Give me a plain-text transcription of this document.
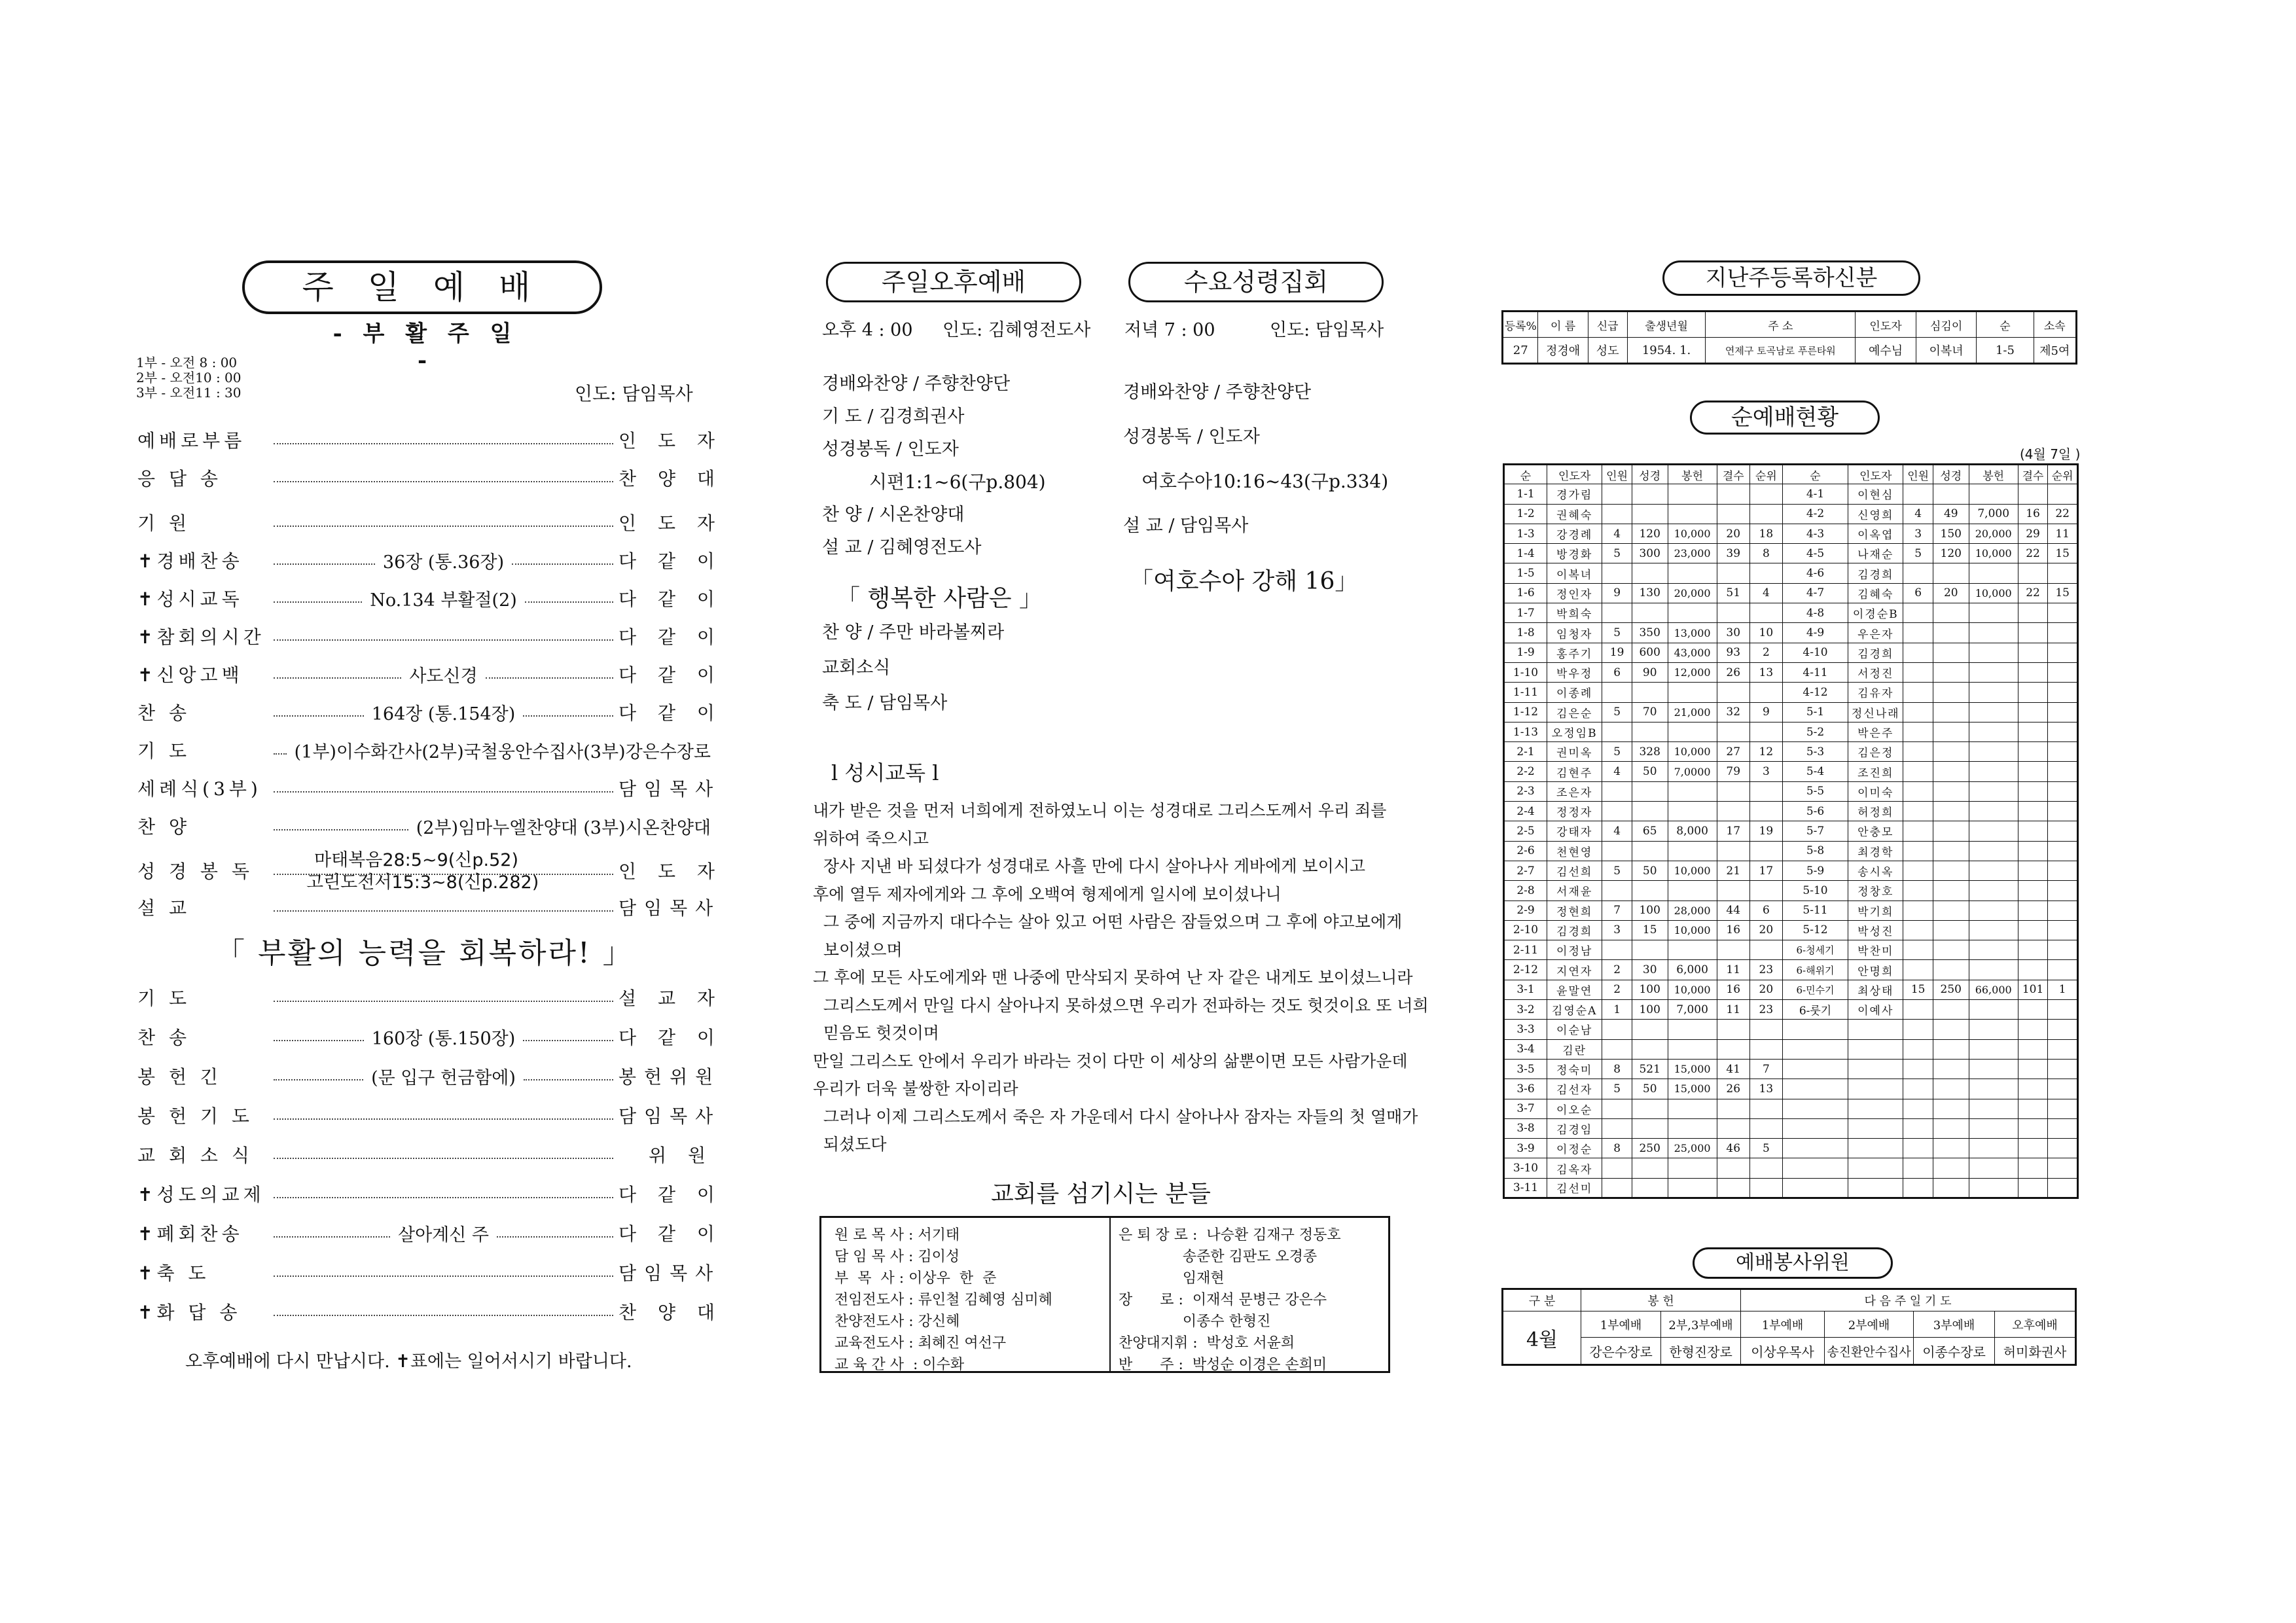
주 일 예 배
- 부 활 주 일 -
1부 - 오전 8 : 00
2부 - 오전10 : 00
3부 - 오전11 : 30	인도: 담임목사
예배로부름	인 도 자
응 답 송	찬 양 대
기 원	인 도 자
✝경배찬송	36장 (통.36장)	다 같 이
✝성시교독	No.134 부활절(2)	다 같 이
✝참회의시간	다 같 이
✝신앙고백	사도신경	다 같 이
찬 송	164장 (통.154장)	다 같 이
기 도	(1부)이수화간사(2부)국철웅안수집사(3부)강은수장로
세례식(3부)	담임목사
찬 양	(2부)임마누엘찬양대 (3부)시온찬양대
성 경 봉 독	인 도 자
설 교	담임목사
마태복음28:5~9(신p.52)
고린도전서15:3~8(신p.282)
「 부활의 능력을 회복하라! 」
기 도	설 교 자
찬 송	160장 (통.150장)	다 같 이
봉 헌 긴	(문 입구 헌금함에)	봉헌위원
봉 헌 기 도	담임목사
교 회 소 식	위 원
✝성도의교제	다 같 이
✝폐회찬송	살아계신 주	다 같 이
✝축 도	담임목사
✝화 답 송	찬 양 대
오후예배에 다시 만납시다. ✝표에는 일어서시기 바랍니다.
주일오후예배	수요성령집회
오후 4 : 00 인도: 김혜영전도사 저녁 7 : 00	인도: 담임목사
경배와찬양 / 주향찬양단
기 도 / 김경희권사
성경봉독 / 인도자
시편1:1~6(구p.804)
찬 양 / 시온찬양대
설 교 / 김혜영전도사
「 행복한 사람은 」
찬 양 / 주만 바라볼찌라
교회소식
축 도 / 담임목사
경배와찬양 / 주향찬양단
성경봉독 / 인도자
여호수아10:16~43(구p.334)
설 교 / 담임목사
「여호수아 강해 16」
l 성시교독 l
내가 받은 것을 먼저 너희에게 전하였노니 이는 성경대로 그리스도께서 우리 죄를
위하여 죽으시고
장사 지낸 바 되셨다가 성경대로 사흘 만에 다시 살아나사 게바에게 보이시고
후에 열두 제자에게와 그 후에 오백여 형제에게 일시에 보이셨나니
그 중에 지금까지 대다수는 살아 있고 어떤 사람은 잠들었으며 그 후에 야고보에게
보이셨으며
그 후에 모든 사도에게와 맨 나중에 만삭되지 못하여 난 자 같은 내게도 보이셨느니라
그리스도께서 만일 다시 살아나지 못하셨으면 우리가 전파하는 것도 헛것이요 또 너희
믿음도 헛것이며
만일 그리스도 안에서 우리가 바라는 것이 다만 이 세상의 삶뿐이면 모든 사람가운데
우리가 더욱 불쌍한 자이리라
그러나 이제 그리스도께서 죽은 자 가운데서 다시 살아나사 잠자는 자들의 첫 열매가
되셨도다
교회를 섬기시는 분들
원 로 목 사 : 서기태
담 임 목 사 : 김이성
부  목  사 : 이상우  한  준
전임전도사 : 류인철 김혜영 심미혜
찬양전도사 : 강신혜
교육전도사 : 최혜진 여선구
교 육 간 사  : 이수화
은 퇴 장 로 :  나승환 김재구 정동호
송준한 김판도 오경종
임재현
장      로 :  이재석 문병근 강은수
이종수 한형진
찬양대지휘 :  박성호 서윤희
반      주 :  박성순 이경은 손희미
지난주등록하신분
등록%	이 름	신급	출생년월	주 소	인도자	심김이	순	소속
27	정경애	성도	1954. 1.	연제구 토곡남로 푸른타워	예수님	이복녀	1-5	제5여
순예배현황
(4월 7일 )
순	인도자	인원	성경	봉헌	결수	순위	순	인도자	인원	성경	봉헌	결수	순위
1-1	경가림						4-1	이현심					
1-2	권혜숙						4-2	신영희	4	49	7,000	16	22
1-3	강경례	4	120	10,000	20	18	4-3	이옥엽	3	150	20,000	29	11
1-4	방경화	5	300	23,000	39	8	4-5	나재순	5	120	10,000	22	15
1-5	이복녀						4-6	김경희					
1-6	정인자	9	130	20,000	51	4	4-7	김혜숙	6	20	10,000	22	15
1-7	박희숙						4-8	이경순B					
1-8	임청자	5	350	13,000	30	10	4-9	우은자					
1-9	홍주기	19	600	43,000	93	2	4-10	김경희					
1-10	박우정	6	90	12,000	26	13	4-11	서정진					
1-11	이종례						4-12	김유자					
1-12	김은순	5	70	21,000	32	9	5-1	정신나래					
1-13	오정임B						5-2	박은주					
2-1	권미옥	5	328	10,000	27	12	5-3	김은정					
2-2	김현주	4	50	7,0000	79	3	5-4	조진희					
2-3	조은자						5-5	이미숙					
2-4	정정자						5-6	허정희					
2-5	강태자	4	65	8,000	17	19	5-7	안충모					
2-6	천현영						5-8	최경학					
2-7	김선희	5	50	10,000	21	17	5-9	송시옥					
2-8	서재윤						5-10	정창호					
2-9	정현희	7	100	28,000	44	6	5-11	박기희					
2-10	김경희	3	15	10,000	16	20	5-12	박성진					
2-11	이정남						6-청세기	박찬미					
2-12	지연자	2	30	6,000	11	23	6-해위기	안명희					
3-1	윤말연	2	100	10,000	16	20	6-민수기	최상태	15	250	66,000	101	1
3-2	김영순A	1	100	7,000	11	23	6-룻기	이예사					
3-3	이순남												
3-4	김란												
3-5	정숙미	8	521	15,000	41	7							
3-6	김선자	5	50	15,000	26	13							
3-7	이오순												
3-8	김경임												
3-9	이정순	8	250	25,000	46	5							
3-10	김옥자												
3-11	김선미												
예배봉사위원
구 분	봉 헌		다 음 주 일 기 도			
4월	1부예배	2부,3부예배	1부예배	2부예배	3부예배	오후예배
	강은수장로	한형진장로	이상우목사	송진환안수집사	이종수장로	허미화권사
